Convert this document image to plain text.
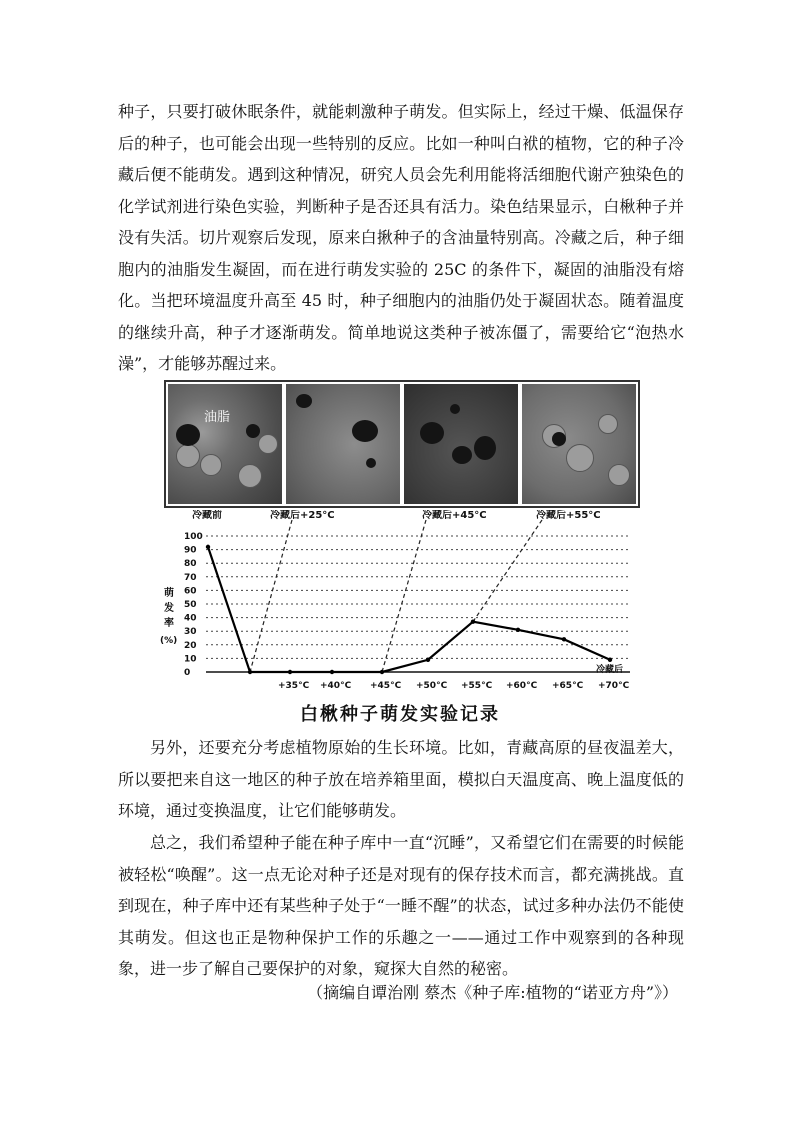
种子，只要打破休眠条件，就能刺激种子萌发。但实际上，经过干燥、低温保存后的种子，也可能会出现一些特别的反应。比如一种叫白袱的植物，它的种子冷藏后便不能萌发。遇到这种情况，研究人员会先利用能将活细胞代谢产独染色的化学试剂进行染色实验，判断种子是否还具有活力。染色结果显示，白楸种子并没有失活。切片观察后发现，原来白揪种子的含油量特别高。冷藏之后，种子细胞内的油脂发生凝固，而在进行萌发实验的 25C 的条件下，凝固的油脂没有熔化。当把环境温度升高至 45 时，种子细胞内的油脂仍处于凝固状态。随着温度的继续升高，种子才逐渐萌发。简单地说这类种子被冻僵了，需要给它“泡热水澡”，才能够苏醒过来。

油脂
0
10
20
30
40
50
60
70
80
90
100
+35°C +40°C +45°C +50°C +55°C +60°C +65°C +70°C
萌
发
率
(%)
冷藏后
冷藏前	冷藏后+25°C	冷藏后+45°C	冷藏后+55°C
白楸种子萌发实验记录

另外，还要充分考虑植物原始的生长环境。比如，青藏高原的昼夜温差大，所以要把来自这一地区的种子放在培养箱里面，模拟白天温度高、晚上温度低的环境，通过变换温度，让它们能够萌发。

总之，我们希望种子能在种子库中一直“沉睡”，又希望它们在需要的时候能被轻松“唤醒”。这一点无论对种子还是对现有的保存技术而言，都充满挑战。直到现在，种子库中还有某些种子处于“一睡不醒”的状态，试过多种办法仍不能使其萌发。但这也正是物种保护工作的乐趣之一——通过工作中观察到的各种现象，进一步了解自己要保护的对象，窥探大自然的秘密。

（摘编自谭治刚 蔡杰《种子库:植物的“诺亚方舟”》）
